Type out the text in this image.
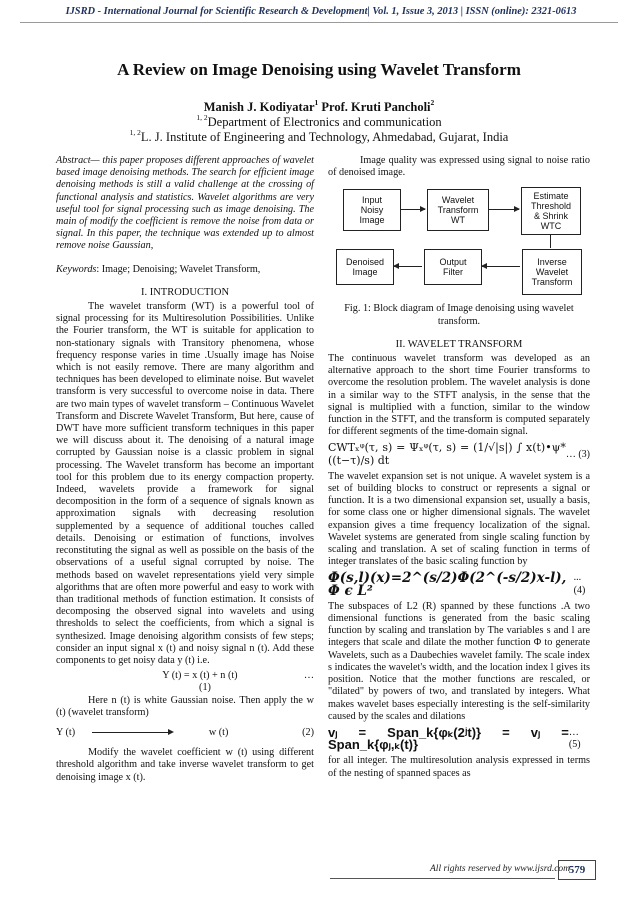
IJSRD - International Journal for Scientific Research & Development| Vol. 1, Issue 3, 2013 | ISSN (online): 2321-0613
A Review on Image Denoising using Wavelet Transform
Manish J. Kodiyatar$^1$ Prof. Kruti Pancholi$^2$
$^{1, 2}$Department of Electronics and communication
$^{1, 2}$L. J. Institute of Engineering and Technology, Ahmedabad, Gujarat, India

Abstract— this paper proposes different approaches of wavelet based image denoising methods. The search for efficient image denoising methods is still a valid challenge at the crossing of functional analysis and statistics. Wavelet algorithms are very useful tool for signal processing such as image denoising. The main of modify the coefficient is remove the noise from data or signal. In this paper, the technique was extended up to almost remove noise Gaussian,

Keywords: Image; Denoising; Wavelet Transform,

I. INTRODUCTION

The wavelet transform (WT) is a powerful tool of signal processing for its Multiresolution Possibilities. Unlike the Fourier transform, the WT is suitable for application to non-stationary signals with Transitory phenomena, whose frequency response varies in time .Usually image has Noise which is not easily remove. There are many algorithm and techniques has been developed to eliminate noise. But wavelet transform is very successful to overcome noise in data. There are two main types of wavelet transform – Continuous Wavelet Transform and Discrete Wavelet Transform, But here, cause of DWT have more sufficient transform techniques in this paper we will discuss about it. The denoising of a natural image corrupted by Gaussian noise is a classic problem in signal processing. The Wavelet transform has become an important tool for this problem due to its energy compaction property. Indeed, wavelets provide a framework for signal decomposition in the form of a sequence of signals known as approximation signals with decreasing resolution supplemented by a sequence of additional touches called details. Denoising or estimation of functions, involves reconstituting the signal as well as possible on the basis of the observations of a useful signal corrupted by noise. The methods based on wavelet representations yield very simple algorithms that are often more powerful and easy to work with than traditional methods of function estimation. It consists of decomposing the observed signal into wavelets and using thresholds to select the coefficients, from which a signal is synthesized. Image denoising algorithm consists of few steps; consider an input signal x (t) and noisy signal n (t). Add these components to get noisy data y (t) i.e.

Y (t) = x (t) + n (t)	…
(1)

Here n (t) is white Gaussian noise. Then apply the w (t) (wavelet transform)

Y (t)	w (t)	(2)

Modify the wavelet coefficient w (t) using different threshold algorithm and take inverse wavelet transform to get denoising image x (t).

Image quality was expressed using signal to noise ratio of denoised image.

Input
Noisy
Image
Wavelet
Transform
WT
Estimate
Threshold
& Shrink
WTC
Denoised
Image
Output
Filter
Inverse
Wavelet
Transform
Fig. 1: Block diagram of Image denoising using wavelet transform.
II. WAVELET TRANSFORM

The continuous wavelet transform was developed as an alternative approach to the short time Fourier transforms to overcome the resolution problem. The wavelet analysis is done in a similar way to the STFT analysis, in the sense that the signal is multiplied with a function, similar to the window function in the STFT, and the transform is computed separately for different segments of the time-domain signal.

CWTₓᵠ(τ, s) = Ψₓᵠ(τ, s) = (1/√|s|) ∫ x(t)•ψ*((t−τ)/s) dt	… (3)

The wavelet expansion set is not unique. A wavelet system is a set of building blocks to construct or represents a signal or function. It is a two dimensional expansion set, usually a basis, for some class one or higher dimensional signals. The wavelet expansion gives a time frequency localization of the signal. Wavelet systems are generated from single scaling function by scaling and translation. A set of scaling function in terms of integer translates of the basic scaling function by

Φ(s,l)(x)=2^(s/2)Φ(2^(-s/2)x-l), Φ ϵ L²
...(4)

The subspaces of L2 (R) spanned by these functions .A two dimensional functions is generated from the basic scaling function by scaling and translation by The variables s and l are integers that scale and dilate the mother function Φ to generate Wavelets, such as a Daubechies wavelet family. The scale index s indicates the wavelet's width, and the location index l gives its position. Notice that the mother functions are rescaled, or "dilated" by powers of two, and translated by integers. What makes wavelet bases especially interesting is the self-similarity caused by the scales and dilations

vⱼ = Span_k{φₖ(2ʲt)} = vⱼ = Span_k{φⱼ,ₖ(t)}
…(5)

for all integer. The multiresolution analysis expressed in terms of the nesting of spanned spaces as

All rights reserved by www.ijsrd.com
579
